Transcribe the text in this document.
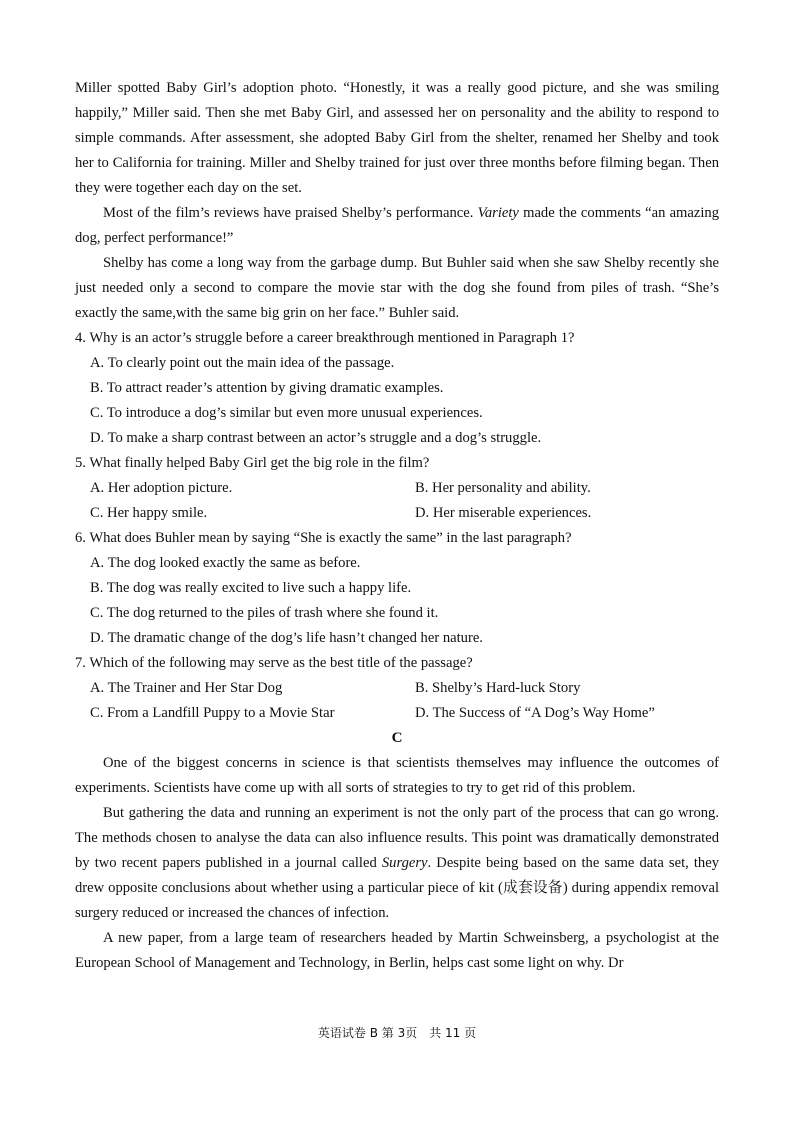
Miller spotted Baby Girl’s adoption photo. “Honestly, it was a really good picture, and she was smiling happily,” Miller said. Then she met Baby Girl, and assessed her on personality and the ability to respond to simple commands. After assessment, she adopted Baby Girl from the shelter, renamed her Shelby and took her to California for training. Miller and Shelby trained for just over three months before filming began. Then they were together each day on the set.

Most of the film’s reviews have praised Shelby’s performance. Variety made the comments “an amazing dog, perfect performance!”

Shelby has come a long way from the garbage dump. But Buhler said when she saw Shelby recently she just needed only a second to compare the movie star with the dog she found from piles of trash. “She’s exactly the same,with the same big grin on her face.” Buhler said.

4. Why is an actor’s struggle before a career breakthrough mentioned in Paragraph 1?

A. To clearly point out the main idea of the passage.

B. To attract reader’s attention by giving dramatic examples.

C. To introduce a dog’s similar but even more unusual experiences.

D. To make a sharp contrast between an actor’s struggle and a dog’s struggle.

5. What finally helped Baby Girl get the big role in the film?

A. Her adoption picture.	B. Her personality and ability.
C. Her happy smile.	D. Her miserable experiences.

6. What does Buhler mean by saying “She is exactly the same” in the last paragraph?

A. The dog looked exactly the same as before.

B. The dog was really excited to live such a happy life.

C. The dog returned to the piles of trash where she found it.

D. The dramatic change of the dog’s life hasn’t changed her nature.

7. Which of the following may serve as the best title of the passage?

A. The Trainer and Her Star Dog	B. Shelby’s Hard-luck Story
C. From a Landfill Puppy to a Movie Star	D. The Success of “A Dog’s Way Home”

C

One of the biggest concerns in science is that scientists themselves may influence the outcomes of experiments. Scientists have come up with all sorts of strategies to try to get rid of this problem.

But gathering the data and running an experiment is not the only part of the process that can go wrong. The methods chosen to analyse the data can also influence results. This point was dramatically demonstrated by two recent papers published in a journal called Surgery. Despite being based on the same data set, they drew opposite conclusions about whether using a particular piece of kit (成套设备) during appendix removal surgery reduced or increased the chances of infection.

A new paper, from a large team of researchers headed by Martin Schweinsberg, a psychologist at the European School of Management and Technology, in Berlin, helps cast some light on why. Dr

英语试卷 B 第 3页　共 11 页
